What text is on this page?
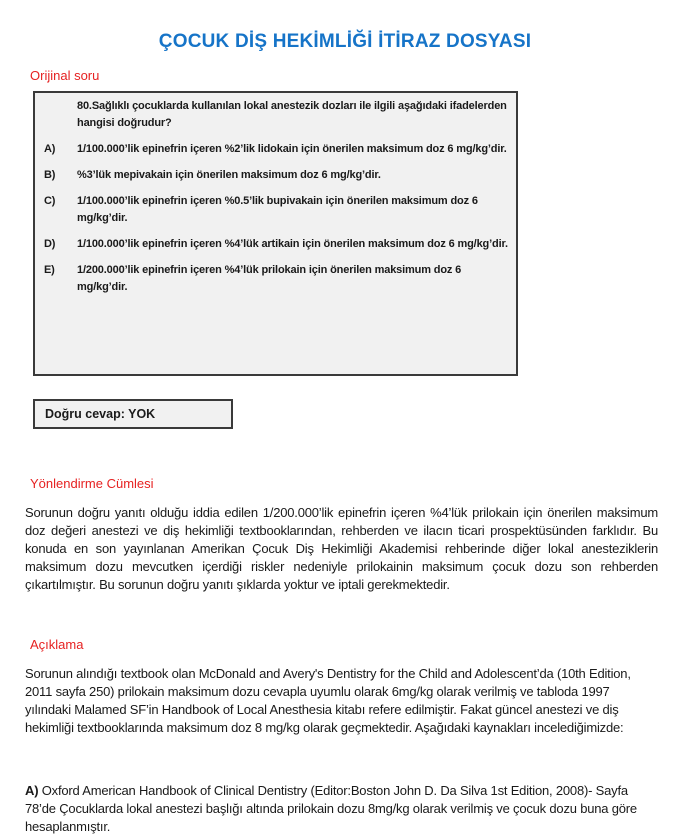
ÇOCUK DİŞ HEKİMLİĞİ İTİRAZ DOSYASI
Orijinal soru
80.Sağlıklı çocuklarda kullanılan lokal anestezik dozları ile ilgili aşağıdaki ifadelerden hangisi doğrudur?
A)	1/100.000’lik epinefrin içeren %2’lik lidokain için önerilen maksimum doz 6 mg/kg’dir.
B)	%3’lük mepivakain için önerilen maksimum doz 6 mg/kg’dir.
C)	1/100.000’lik epinefrin içeren %0.5’lik bupivakain için önerilen maksimum doz 6 mg/kg’dir.
D)	1/100.000’lik epinefrin içeren %4’lük artikain için önerilen maksimum doz 6 mg/kg’dir.
E)	1/200.000’lik epinefrin içeren %4’lük prilokain için önerilen maksimum doz 6 mg/kg’dir.
Doğru cevap: YOK
Yönlendirme Cümlesi
Sorunun doğru yanıtı olduğu iddia edilen 1/200.000’lik epinefrin içeren %4’lük prilokain için önerilen maksimum doz değeri anestezi ve diş hekimliği textbooklarından, rehberden ve ilacın ticari prospektüsünden farklıdır. Bu konuda en son yayınlanan Amerikan Çocuk Diş Hekimliği Akademisi rehberinde diğer lokal anesteziklerin maksimum dozu mevcutken içerdiği riskler nedeniyle prilokainin maksimum çocuk dozu son rehberden çıkartılmıştır. Bu sorunun doğru yanıtı şıklarda yoktur ve iptali gerekmektedir.
Açıklama
Sorunun alındığı textbook olan McDonald and Avery's Dentistry for the Child and Adolescent’da (10th Edition, 2011 sayfa 250) prilokain maksimum dozu cevapla uyumlu olarak 6mg/kg olarak verilmiş ve tabloda 1997 yılındaki Malamed SF’in Handbook of Local Anesthesia kitabı refere edilmiştir. Fakat güncel anestezi ve diş hekimliği textbooklarında maksimum doz 8 mg/kg olarak geçmektedir. Aşağıdaki kaynakları incelediğimizde:
A) Oxford American Handbook of Clinical Dentistry (Editor:Boston John D. Da Silva 1st Edition, 2008)- Sayfa 78’de Çocuklarda lokal anestezi başlığı altında prilokain dozu 8mg/kg olarak verilmiş ve çocuk dozu buna göre hesaplanmıştır.
